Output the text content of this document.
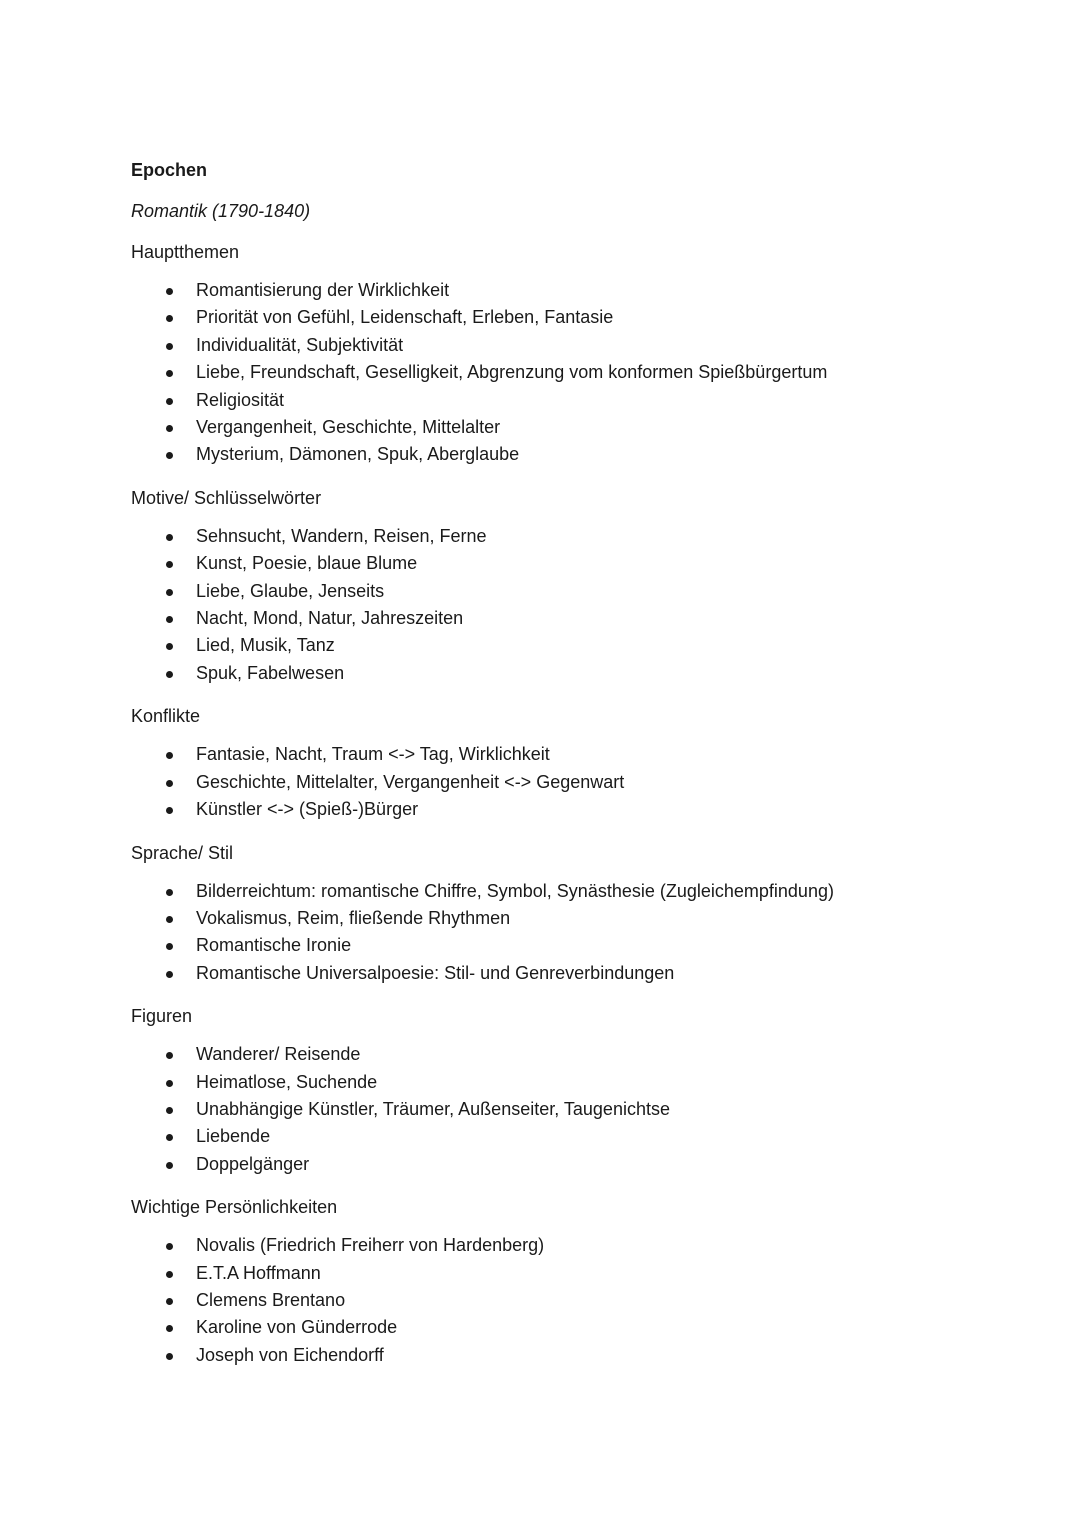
Epochen
Romantik (1790-1840)
Hauptthemen
Romantisierung der Wirklichkeit
Priorität von Gefühl, Leidenschaft, Erleben, Fantasie
Individualität, Subjektivität
Liebe, Freundschaft, Geselligkeit, Abgrenzung vom konformen Spießbürgertum
Religiosität
Vergangenheit, Geschichte, Mittelalter
Mysterium, Dämonen, Spuk, Aberglaube
Motive/ Schlüsselwörter
Sehnsucht, Wandern, Reisen, Ferne
Kunst, Poesie, blaue Blume
Liebe, Glaube, Jenseits
Nacht, Mond, Natur, Jahreszeiten
Lied, Musik, Tanz
Spuk, Fabelwesen
Konflikte
Fantasie, Nacht, Traum <-> Tag, Wirklichkeit
Geschichte, Mittelalter, Vergangenheit <-> Gegenwart
Künstler <-> (Spieß-)Bürger
Sprache/ Stil
Bilderreichtum: romantische Chiffre, Symbol, Synästhesie (Zugleichempfindung)
Vokalismus, Reim, fließende Rhythmen
Romantische Ironie
Romantische Universalpoesie: Stil- und Genreverbindungen
Figuren
Wanderer/ Reisende
Heimatlose, Suchende
Unabhängige Künstler, Träumer, Außenseiter, Taugenichtse
Liebende
Doppelgänger
Wichtige Persönlichkeiten
Novalis (Friedrich Freiherr von Hardenberg)
E.T.A Hoffmann
Clemens Brentano
Karoline von Günderrode
Joseph von Eichendorff
